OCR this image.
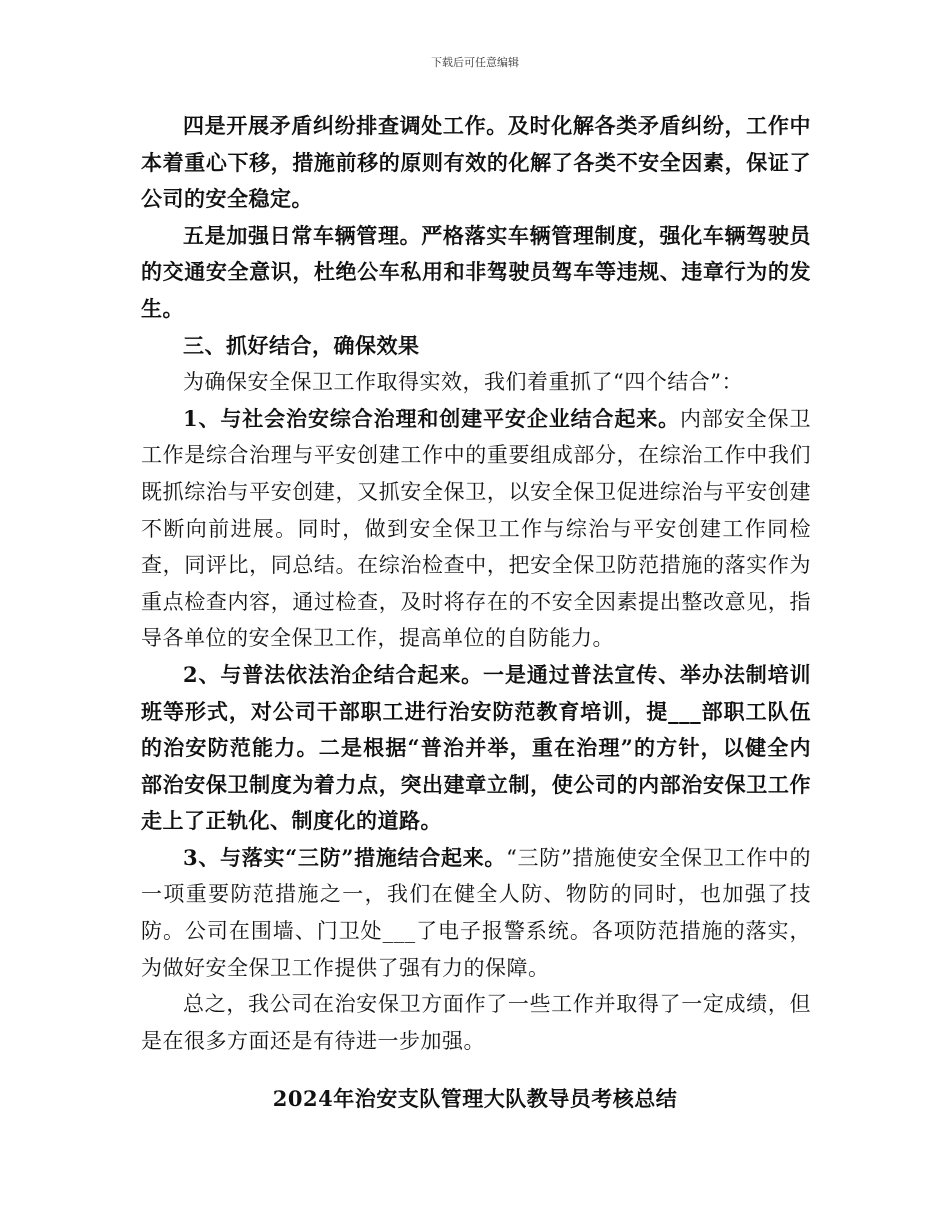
下载后可任意编辑

四是开展矛盾纠纷排查调处工作。及时化解各类矛盾纠纷，工作中本着重心下移，措施前移的原则有效的化解了各类不安全因素，保证了公司的安全稳定。

五是加强日常车辆管理。严格落实车辆管理制度，强化车辆驾驶员的交通安全意识，杜绝公车私用和非驾驶员驾车等违规、违章行为的发生。

三、抓好结合，确保效果

为确保安全保卫工作取得实效，我们着重抓了“四个结合”：

1、与社会治安综合治理和创建平安企业结合起来。内部安全保卫工作是综合治理与平安创建工作中的重要组成部分，在综治工作中我们既抓综治与平安创建，又抓安全保卫，以安全保卫促进综治与平安创建不断向前进展。同时，做到安全保卫工作与综治与平安创建工作同检查，同评比，同总结。在综治检查中，把安全保卫防范措施的落实作为重点检查内容，通过检查，及时将存在的不安全因素提出整改意见，指导各单位的安全保卫工作，提高单位的自防能力。

2、与普法依法治企结合起来。一是通过普法宣传、举办法制培训班等形式，对公司干部职工进行治安防范教育培训，提___部职工队伍的治安防范能力。二是根据“普治并举，重在治理”的方针，以健全内部治安保卫制度为着力点，突出建章立制，使公司的内部治安保卫工作走上了正轨化、制度化的道路。

3、与落实“三防”措施结合起来。“三防”措施使安全保卫工作中的一项重要防范措施之一，我们在健全人防、物防的同时，也加强了技防。公司在围墙、门卫处___了电子报警系统。各项防范措施的落实，为做好安全保卫工作提供了强有力的保障。

总之，我公司在治安保卫方面作了一些工作并取得了一定成绩，但是在很多方面还是有待进一步加强。

2024年治安支队管理大队教导员考核总结
